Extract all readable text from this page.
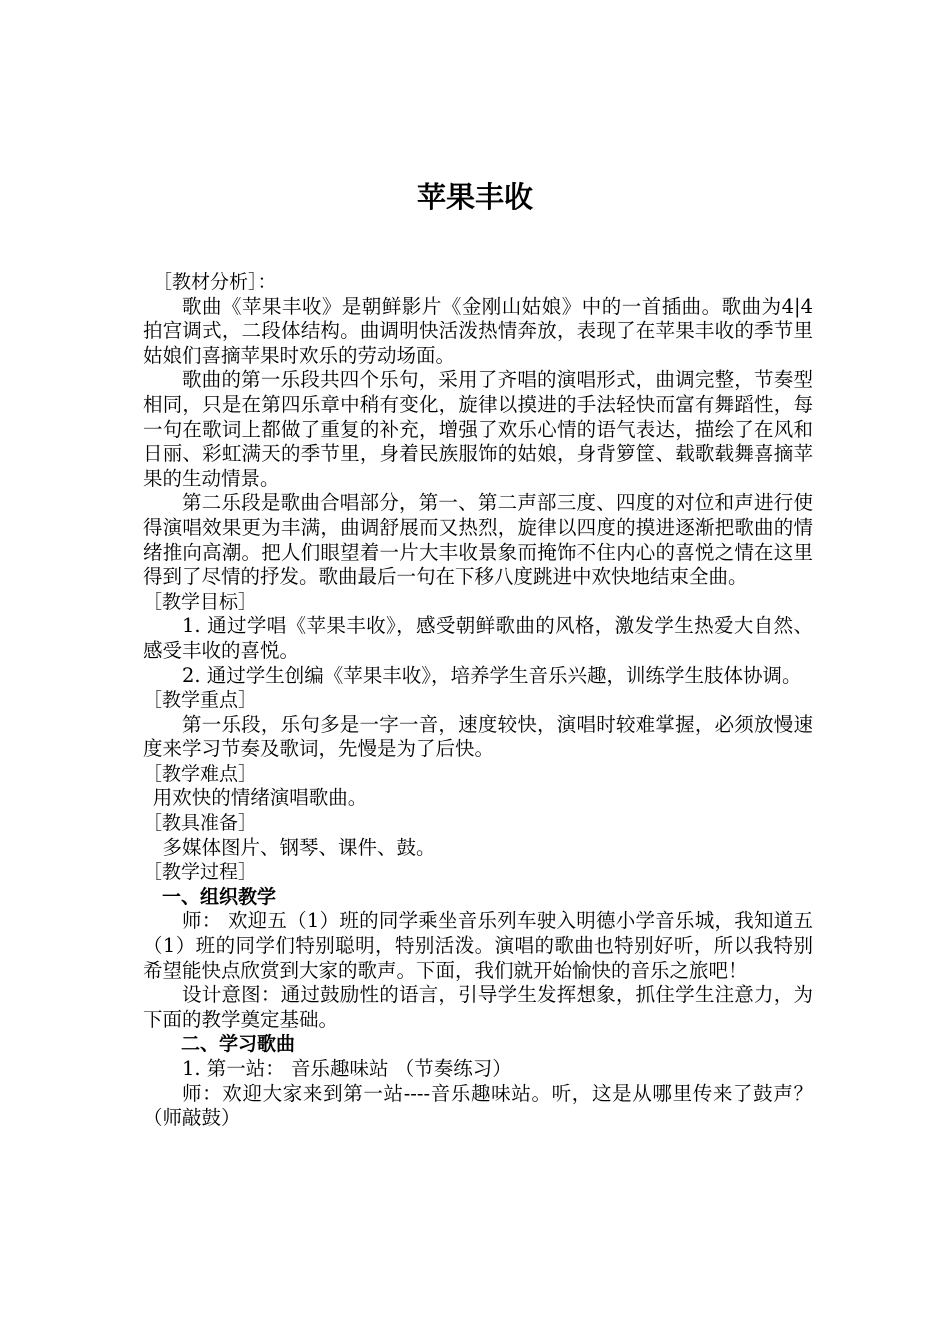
苹果丰收

［教材分析］：

歌曲《苹果丰收》是朝鲜影片《金刚山姑娘》中的一首插曲。歌曲为4|4拍宫调式，二段体结构。曲调明快活泼热情奔放，表现了在苹果丰收的季节里姑娘们喜摘苹果时欢乐的劳动场面。

歌曲的第一乐段共四个乐句，采用了齐唱的演唱形式，曲调完整，节奏型相同，只是在第四乐章中稍有变化，旋律以摸进的手法轻快而富有舞蹈性，每一句在歌词上都做了重复的补充，增强了欢乐心情的语气表达，描绘了在风和日丽、彩虹满天的季节里，身着民族服饰的姑娘，身背箩筐、载歌载舞喜摘苹果的生动情景。

第二乐段是歌曲合唱部分，第一、第二声部三度、四度的对位和声进行使得演唱效果更为丰满，曲调舒展而又热烈，旋律以四度的摸进逐渐把歌曲的情绪推向高潮。把人们眼望着一片大丰收景象而掩饰不住内心的喜悦之情在这里得到了尽情的抒发。歌曲最后一句在下移八度跳进中欢快地结束全曲。

［教学目标］

1. 通过学唱《苹果丰收》，感受朝鲜歌曲的风格，激发学生热爱大自然、感受丰收的喜悦。

2. 通过学生创编《苹果丰收》，培养学生音乐兴趣，训练学生肢体协调。

［教学重点］

第一乐段，乐句多是一字一音，速度较快，演唱时较难掌握，必须放慢速度来学习节奏及歌词，先慢是为了后快。

［教学难点］

用欢快的情绪演唱歌曲。

［教具准备］

多媒体图片、钢琴、课件、鼓。

［教学过程］

一、组织教学

师： 欢迎五（1）班的同学乘坐音乐列车驶入明德小学音乐城，我知道五（1）班的同学们特别聪明，特别活泼。演唱的歌曲也特别好听，所以我特别希望能快点欣赏到大家的歌声。下面，我们就开始愉快的音乐之旅吧！

设计意图：通过鼓励性的语言，引导学生发挥想象，抓住学生注意力，为下面的教学奠定基础。

二、学习歌曲

1. 第一站： 音乐趣味站 （节奏练习）

师：欢迎大家来到第一站----音乐趣味站。听，这是从哪里传来了鼓声？（师敲鼓）
